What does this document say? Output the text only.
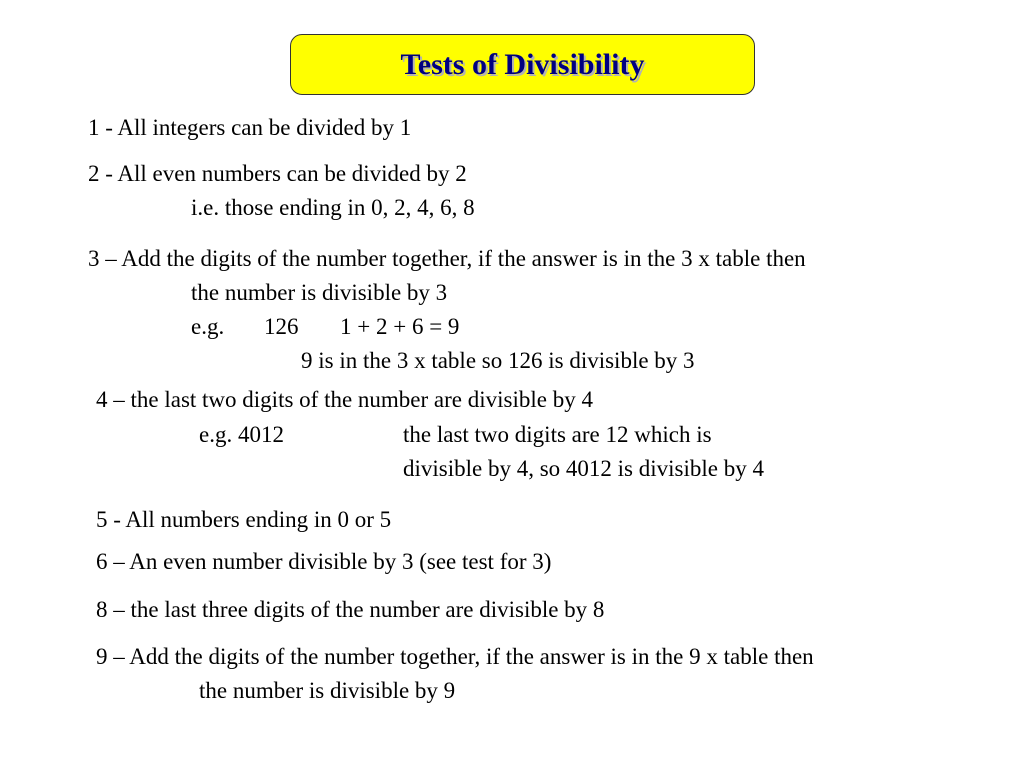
Tests of Divisibility
1 - All integers can be divided by 1
2 - All even numbers can be divided by 2
i.e. those ending in 0, 2, 4, 6, 8
3 – Add the digits of the number together, if the answer is in the 3 x table then
the number is divisible by 3
e.g. 126 1 + 2 + 6 = 9
9 is in the 3 x table so 126 is divisible by 3
4 – the last two digits of the number are divisible by 4
e.g. 4012	the last two digits are 12 which is
divisible by 4, so 4012 is divisible by 4
5 - All numbers ending in 0 or 5
6 – An even number divisible by 3 (see test for 3)
8 – the last three digits of the number are divisible by 8
9 – Add the digits of the number together, if the answer is in the 9 x table then
the number is divisible by 9
